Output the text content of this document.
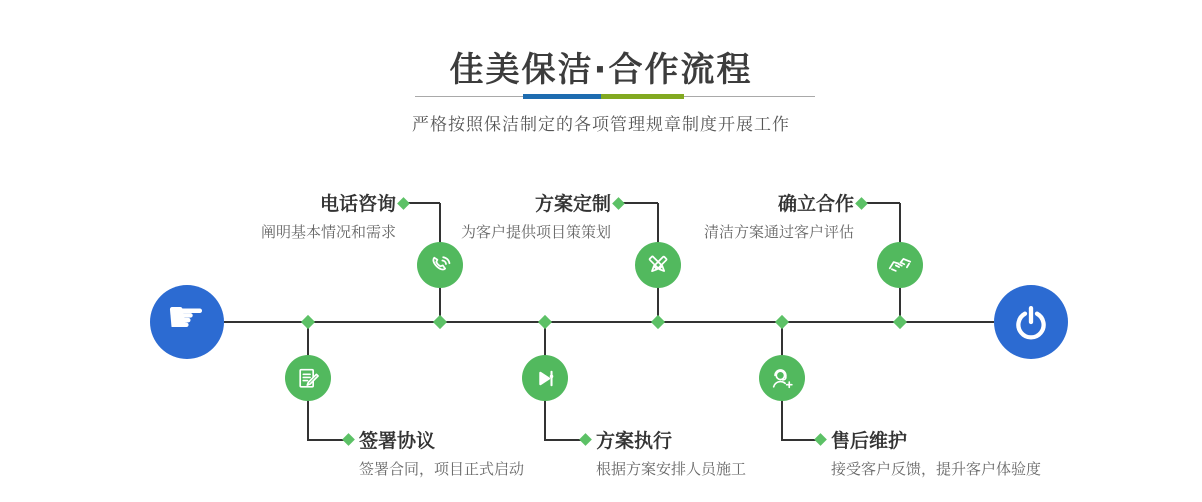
佳美保洁·合作流程
严格按照保洁制定的各项管理规章制度开展工作
☛
电话咨询
阐明基本情况和需求
方案定制
为客户提供项目策策划
确立合作
清洁方案通过客户评估
签署协议
签署合同，项目正式启动
方案执行
根据方案安排人员施工
售后维护
接受客户反馈，提升客户体验度
